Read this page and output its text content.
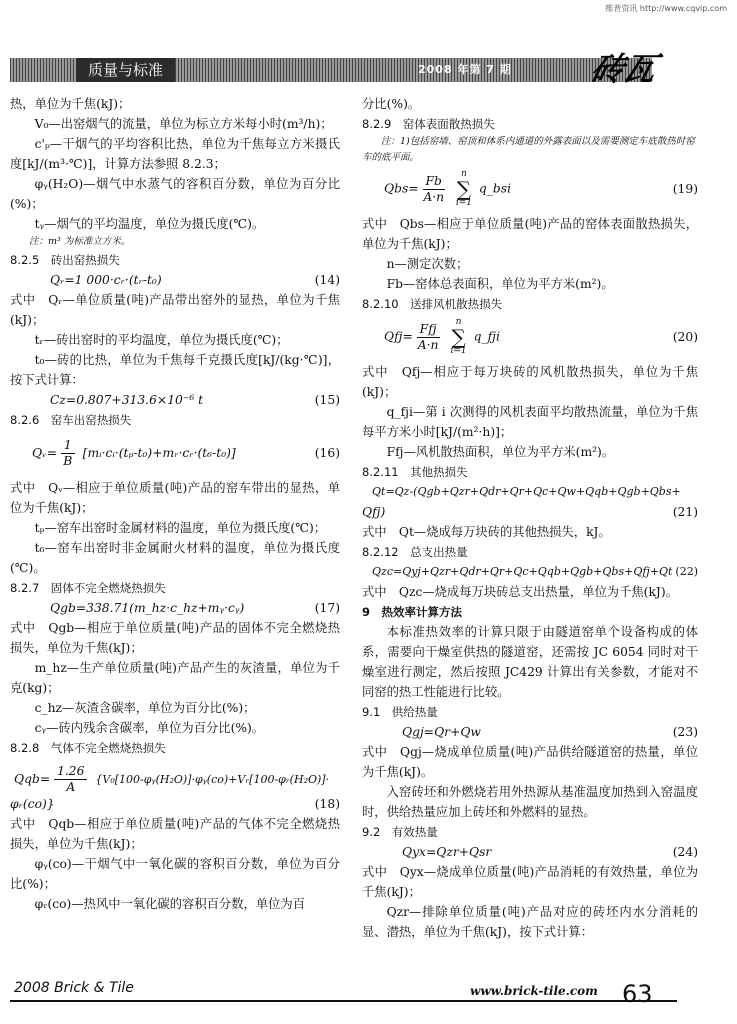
维普资讯 http://www.cqvip.com
质量与标准	2008 年第 7 期 砖瓦

热，单位为千焦(kJ)；

V₀—出窑烟气的流量，单位为标立方米每小时(m³/h)；

c'ₚ—干烟气的平均容积比热，单位为千焦每立方米摄氏度[kJ/(m³·℃)]，计算方法参照 8.2.3；

φᵧ(H₂O)—烟气中水蒸气的容积百分数，单位为百分比(%)；

tᵧ—烟气的平均温度，单位为摄氏度(℃)。

注：m³ 为标准立方米。

8.2.5　砖出窑热损失

Qᵣ=1 000·cᵣ·(tᵣ-t₀)	(14)

式中　Qᵣ—单位质量(吨)产品带出窑外的显热，单位为千焦(kJ)；

tᵣ—砖出窑时的平均温度，单位为摄氏度(℃)；

t₀—砖的比热，单位为千焦每千克摄氏度[kJ/(kg·℃)]，按下式计算：

Cz=0.807+313.6×10⁻⁶ t	(15)

8.2.6　窑车出窑热损失

Qᵥ= $\frac{1}{B}$ [mᵢ·cᵢ·(tₚ-t₀)+mᵣ·cᵣ·(t₆-t₀)]	(16)

式中　Qᵥ—相应于单位质量(吨)产品的窑车带出的显热，单位为千焦(kJ)；

tₚ—窑车出窑时金属材料的温度，单位为摄氏度(℃)；

t₆—窑车出窑时非金属耐火材料的温度，单位为摄氏度(℃)。

8.2.7　固体不完全燃烧热损失

Qgb=338.71(m_hz·c_hz+mᵧ·cᵧ)	(17)

式中　Qgb—相应于单位质量(吨)产品的固体不完全燃烧热损失，单位为千焦(kJ)；

m_hz—生产单位质量(吨)产品产生的灰渣量，单位为千克(kg)；

c_hz—灰渣含碳率，单位为百分比(%)；

cᵧ—砖内残余含碳率，单位为百分比(%)。

8.2.8　气体不完全燃烧热损失

$Qqb= \frac{1.26}{A}$ {V₀[100-φᵧ(H₂O)]·φᵧ(co)+Vᵣ[100-φᵣ(H₂O)]·
φᵣ(co)}	(18)

式中　Qqb—相应于单位质量(吨)产品的气体不完全燃烧热损失，单位为千焦(kJ)；

φᵧ(co)—干烟气中一氧化碳的容积百分数，单位为百分比(%)；

φᵣ(co)—热风中一氧化碳的容积百分数，单位为百

分比(%)。

8.2.9　窑体表面散热损失

注：1)包括窑墙、窑顶和体系内通道的外露表面以及需要测定车底散热时窑车的底平面。

$Qbs= \frac{Fb}{A\cdot n}$
n
∑
i=1
q_bsi	(19)

式中　Qbs—相应于单位质量(吨)产品的窑体表面散热损失，单位为千焦(kJ)；

n—测定次数；

Fb—窑体总表面积，单位为平方米(m²)。

8.2.10　送排风机散热损失

$Qfj= \frac{\text{Ffj}}{A\cdot n}$
n
∑
i=1
q_fji	(20)

式中　Qfj—相应于每万块砖的风机散热损失，单位为千焦(kJ)；

q_fji—第 i 次测得的风机表面平均散热流量，单位为千焦每平方米小时[kJ/(m²·h)]；

Ffj—风机散热面积，单位为平方米(m²)。

8.2.11　其他热损失

Qt=Qz-(Qgb+Qzr+Qdr+Qr+Qc+Qw+Qqb+Qgb+Qbs+
Qfj)	(21)

式中　Qt—烧成每万块砖的其他热损失，kJ。

8.2.12　总支出热量

Qzc=Qyj+Qzr+Qdr+Qr+Qc+Qqb+Qgb+Qbs+Qfj+Qt (22)

式中　Qzc—烧成每万块砖总支出热量，单位为千焦(kJ)。

9　热效率计算方法

本标准热效率的计算只限于由隧道窑单个设备构成的体系，需要向干燥室供热的隧道窑，还需按 JC 6054 同时对干燥室进行测定，然后按照 JC429 计算出有关参数，才能对不同窑的热工性能进行比较。

9.1　供给热量

Qgj=Qr+Qw	(23)

式中　Qgj—烧成单位质量(吨)产品供给隧道窑的热量，单位为千焦(kJ)。

入窑砖坯和外燃烧若用外热源从基准温度加热到入窑温度时，供给热量应加上砖坯和外燃料的显热。

9.2　有效热量

Qyx=Qzr+Qsr	(24)

式中　Qyx—烧成单位质量(吨)产品消耗的有效热量，单位为千焦(kJ)；

Qzr—排除单位质量(吨)产品对应的砖坯内水分消耗的显、潜热，单位为千焦(kJ)，按下式计算：

2008 Brick & Tile	www.brick-tile.com 63
